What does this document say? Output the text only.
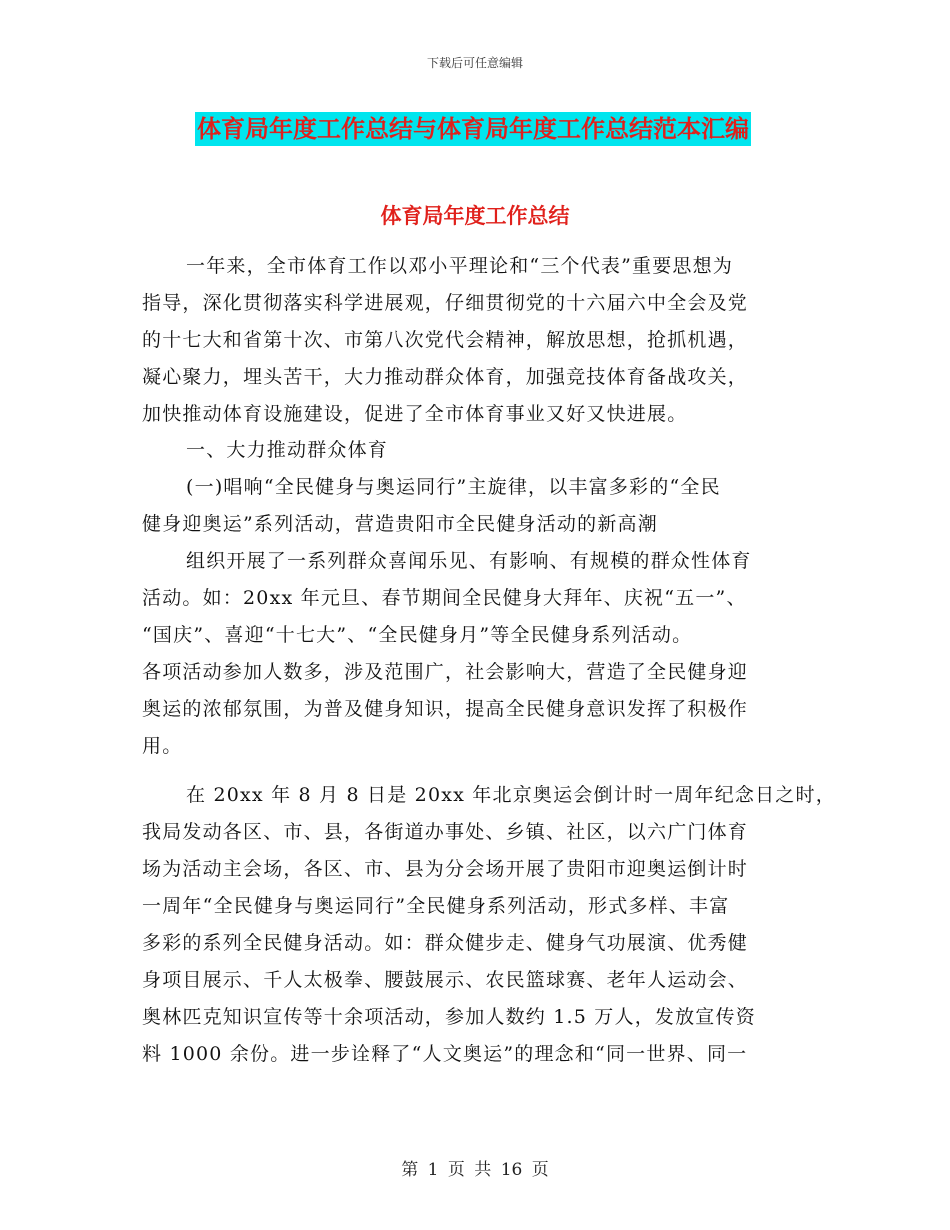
下载后可任意编辑
体育局年度工作总结与体育局年度工作总结范本汇编
体育局年度工作总结
一年来，全市体育工作以邓小平理论和“三个代表”重要思想为
指导，深化贯彻落实科学进展观，仔细贯彻党的十六届六中全会及党
的十七大和省第十次、市第八次党代会精神，解放思想，抢抓机遇，
凝心聚力，埋头苦干，大力推动群众体育，加强竞技体育备战攻关，
加快推动体育设施建设，促进了全市体育事业又好又快进展。
一、大力推动群众体育
(一)唱响“全民健身与奥运同行”主旋律，以丰富多彩的“全民
健身迎奥运”系列活动，营造贵阳市全民健身活动的新高潮
组织开展了一系列群众喜闻乐见、有影响、有规模的群众性体育
活动。如：20xx 年元旦、春节期间全民健身大拜年、庆祝“五一”、
“国庆”、喜迎“十七大”、“全民健身月”等全民健身系列活动。
各项活动参加人数多，涉及范围广，社会影响大，营造了全民健身迎
奥运的浓郁氛围，为普及健身知识，提高全民健身意识发挥了积极作
用。
在 20xx 年 8 月 8 日是 20xx 年北京奥运会倒计时一周年纪念日之时，
我局发动各区、市、县，各街道办事处、乡镇、社区，以六广门体育
场为活动主会场，各区、市、县为分会场开展了贵阳市迎奥运倒计时
一周年“全民健身与奥运同行”全民健身系列活动，形式多样、丰富
多彩的系列全民健身活动。如：群众健步走、健身气功展演、优秀健
身项目展示、千人太极拳、腰鼓展示、农民篮球赛、老年人运动会、
奥林匹克知识宣传等十余项活动，参加人数约 1.5 万人，发放宣传资
料 1000 余份。进一步诠释了“人文奥运”的理念和“同一世界、同一
第 1 页 共 16 页
